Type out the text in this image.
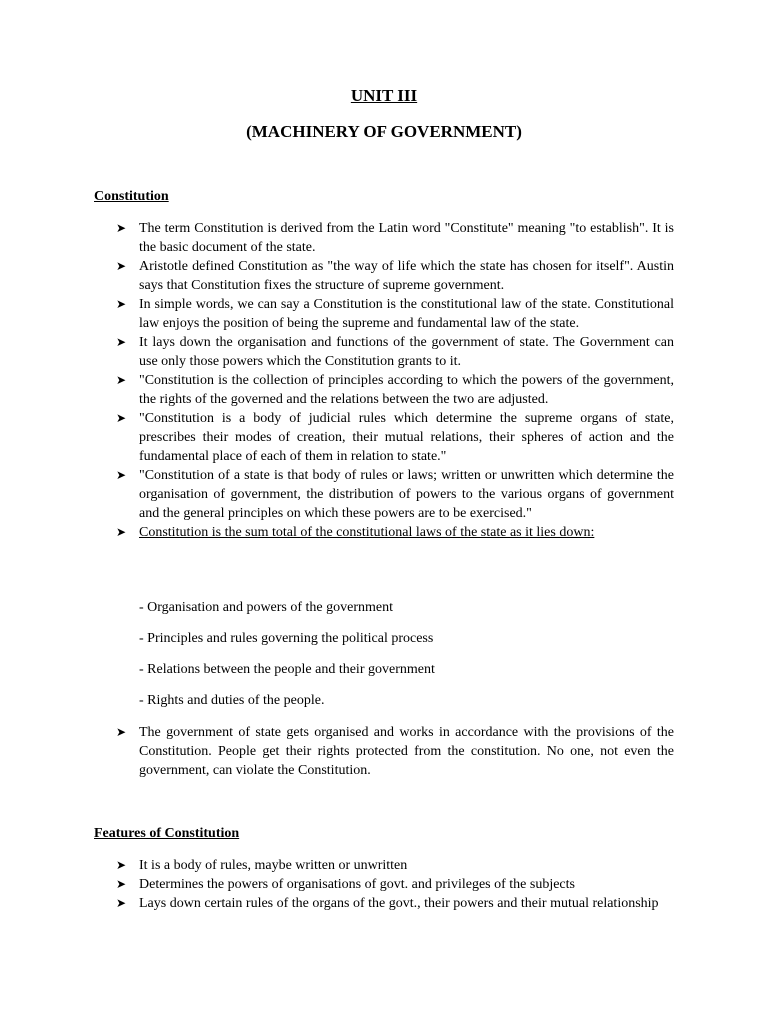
UNIT III
(MACHINERY OF GOVERNMENT)
Constitution
➤ The term Constitution is derived from the Latin word "Constitute" meaning "to establish". It is the basic document of the state.
➤ Aristotle defined Constitution as "the way of life which the state has chosen for itself". Austin says that Constitution fixes the structure of supreme government.
➤ In simple words, we can say a Constitution is the constitutional law of the state. Constitutional law enjoys the position of being the supreme and fundamental law of the state.
➤ It lays down the organisation and functions of the government of state. The Government can use only those powers which the Constitution grants to it.
➤ "Constitution is the collection of principles according to which the powers of the government, the rights of the governed and the relations between the two are adjusted.
➤ "Constitution is a body of judicial rules which determine the supreme organs of state, prescribes their modes of creation, their mutual relations, their spheres of action and the fundamental place of each of them in relation to state."
➤ "Constitution of a state is that body of rules or laws; written or unwritten which determine the organisation of government, the distribution of powers to the various organs of government and the general principles on which these powers are to be exercised."
➤ Constitution is the sum total of the constitutional laws of the state as it lies down:
- Organisation and powers of the government
- Principles and rules governing the political process
- Relations between the people and their government
- Rights and duties of the people.
➤ The government of state gets organised and works in accordance with the provisions of the Constitution. People get their rights protected from the constitution. No one, not even the government, can violate the Constitution.
Features of Constitution
➤ It is a body of rules, maybe written or unwritten
➤ Determines the powers of organisations of govt. and privileges of the subjects
➤ Lays down certain rules of the organs of the govt., their powers and their mutual relationship
